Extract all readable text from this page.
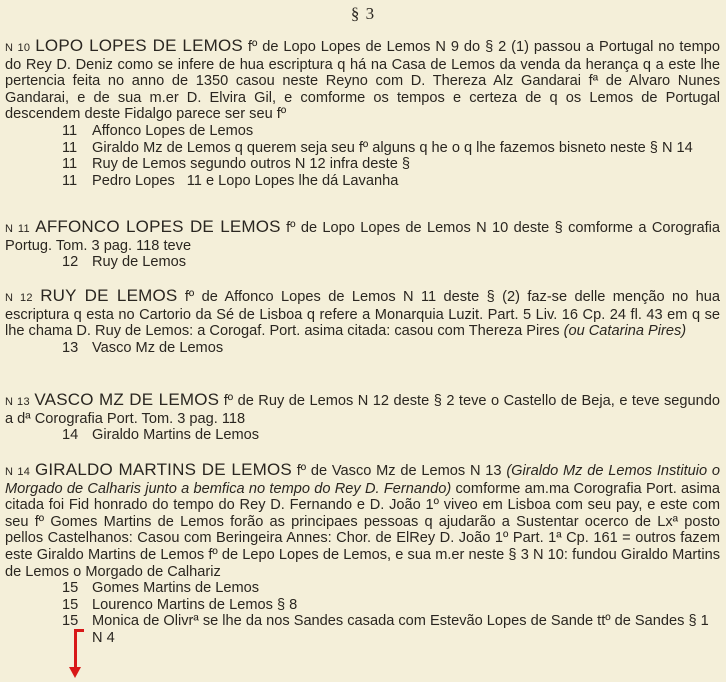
§ 3

N 10 LOPO LOPES DE LEMOS fº de Lopo Lopes de Lemos N 9 do § 2 (1) passou a Portugal no tempo do Rey D. Deniz como se infere de hua escriptura q há na Casa de Lemos da venda da herança q a este lhe pertencia feita no anno de 1350 casou neste Reyno com D. Thereza Alz Gandarai fª de Alvaro Nunes Gandarai, e de sua m.er D. Elvira Gil, e comforme os tempos e certeza de q os Lemos de Portugal descendem deste Fidalgo parece ser seu fº

11 Affonco Lopes de Lemos
11 Giraldo Mz de Lemos q querem seja seu fº alguns q he o q lhe fazemos bisneto neste § N 14
11 Ruy de Lemos segundo outros N 12 infra deste §
11 Pedro Lopes 11 e Lopo Lopes lhe dá Lavanha

N 11 AFFONCO LOPES DE LEMOS fº de Lopo Lopes de Lemos N 10 deste § comforme a Corografia Portug. Tom. 3 pag. 118 teve

12 Ruy de Lemos

N 12 RUY DE LEMOS fº de Affonco Lopes de Lemos N 11 deste § (2) faz-se delle menção no hua escriptura q esta no Cartorio da Sé de Lisboa q refere a Monarquia Luzit. Part. 5 Liv. 16 Cp. 24 fl. 43 em q se lhe chama D. Ruy de Lemos: a Corogaf. Port. asima citada: casou com Thereza Pires (ou Catarina Pires)

13 Vasco Mz de Lemos

N 13 VASCO MZ DE LEMOS fº de Ruy de Lemos N 12 deste § 2 teve o Castello de Beja, e teve segundo a dª Corografia Port. Tom. 3 pag. 118

14 Giraldo Martins de Lemos

N 14 GIRALDO MARTINS DE LEMOS fº de Vasco Mz de Lemos N 13 (Giraldo Mz de Lemos Instituio o Morgado de Calharis junto a bemfica no tempo do Rey D. Fernando) comforme am.ma Corografia Port. asima citada foi Fid honrado do tempo do Rey D. Fernando e D. João 1º viveo em Lisboa com seu pay, e este com seu fº Gomes Martins de Lemos forão as principaes pessoas q ajudarão a Sustentar ocerco de Lxª posto pellos Castelhanos: Casou com Beringeira Annes: Chor. de ElRey D. João 1º Part. 1ª Cp. 161 = outros fazem este Giraldo Martins de Lemos fº de Lepo Lopes de Lemos, e sua m.er neste § 3 N 10: fundou Giraldo Martins de Lemos o Morgado de Calhariz

15 Gomes Martins de Lemos
15 Lourenco Martins de Lemos § 8
15 Monica de Olivrª se lhe da nos Sandes casada com Estevão Lopes de Sande ttº de Sandes § 1 N 4
